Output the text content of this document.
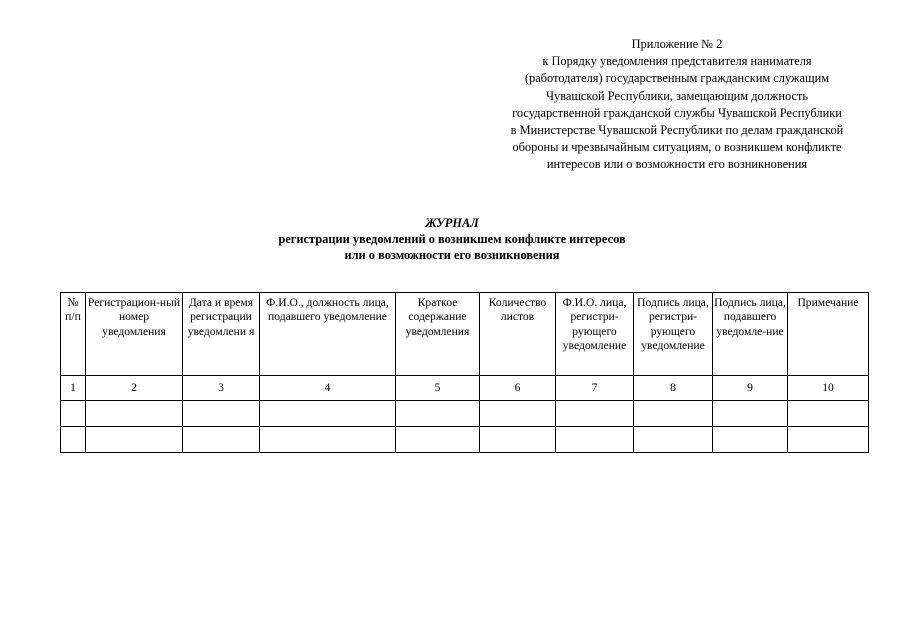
Приложение № 2
к Порядку уведомления представителя нанимателя
(работодателя) государственным гражданским служащим
Чувашской Республики, замещающим должность
государственной гражданской службы Чувашской Республики
в Министерстве Чувашской Республики по делам гражданской
обороны и чрезвычайным ситуациям, о возникшем конфликте
интересов или о возможности его возникновения
ЖУРНАЛ
регистрации уведомлений о возникшем конфликте интересов
или о возможности его возникновения
№ п/п	Регистрацион-ный номер уведомления	Дата и время регистрации уведомлени я	Ф.И.О., должность лица, подавшего уведомление	Краткое содержание уведомления	Количество листов	Ф.И.О. лица, регистри-рующего уведомление	Подпись лица, регистри-рующего уведомление	Подпись лица, подавшего уведомле-ние	Примечание
1	2	3	4	5	6	7	8	9	10
